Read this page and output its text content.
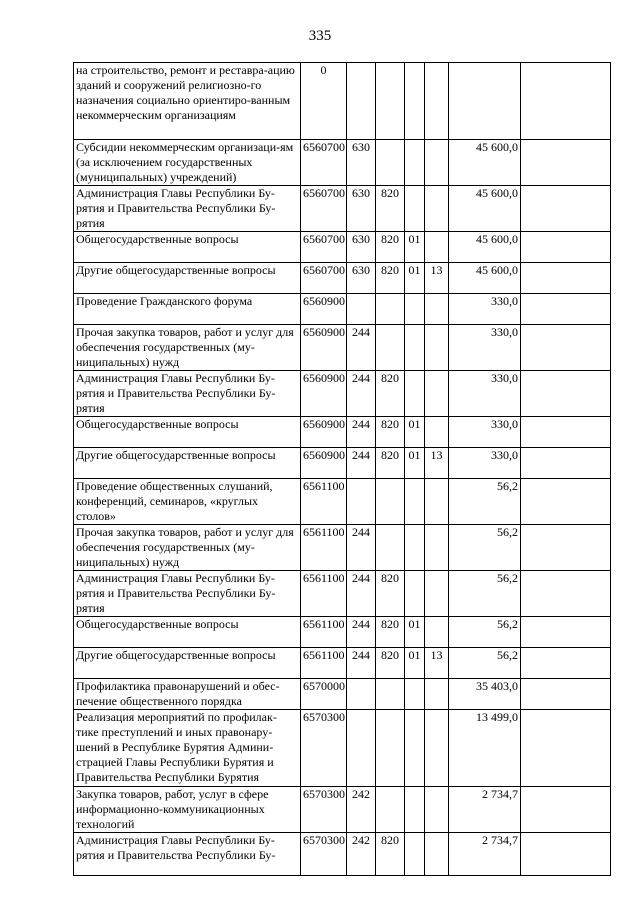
335
на строительство, ремонт и реставра-ацию зданий и сооружений религиозно-го назначения социально ориентиро-ванным некоммерческим организациям	0						
Субсидии некоммерческим организаци-ям (за исключением государственных (муниципальных) учреждений)	6560700	630				45 600,0	
Администрация Главы Республики Бу-рятия и Правительства Республики Бу-рятия	6560700	630	820			45 600,0	
Общегосударственные вопросы	6560700	630	820	01		45 600,0	
Другие общегосударственные вопросы	6560700	630	820	01	13	45 600,0	
Проведение Гражданского форума	6560900					330,0	
Прочая закупка товаров, работ и услуг для обеспечения государственных (му-ниципальных) нужд	6560900	244				330,0	
Администрация Главы Республики Бу-рятия и Правительства Республики Бу-рятия	6560900	244	820			330,0	
Общегосударственные вопросы	6560900	244	820	01		330,0	
Другие общегосударственные вопросы	6560900	244	820	01	13	330,0	
Проведение общественных слушаний, конференций, семинаров, «круглых столов»	6561100					56,2	
Прочая закупка товаров, работ и услуг для обеспечения государственных (му-ниципальных) нужд	6561100	244				56,2	
Администрация Главы Республики Бу-рятия и Правительства Республики Бу-рятия	6561100	244	820			56,2	
Общегосударственные вопросы	6561100	244	820	01		56,2	
Другие общегосударственные вопросы	6561100	244	820	01	13	56,2	
Профилактика правонарушений и обес-печение общественного порядка	6570000					35 403,0	
Реализация мероприятий по профилак-тике преступлений и иных правонару-шений в Республике Бурятия Админи-страцией Главы Республики Бурятия и Правительства Республики Бурятия	6570300					13 499,0	
Закупка товаров, работ, услуг в сфере информационно-коммуникационных технологий	6570300	242				2 734,7	
Администрация Главы Республики Бу-рятия и Правительства Республики Бу-	6570300	242	820			2 734,7	
